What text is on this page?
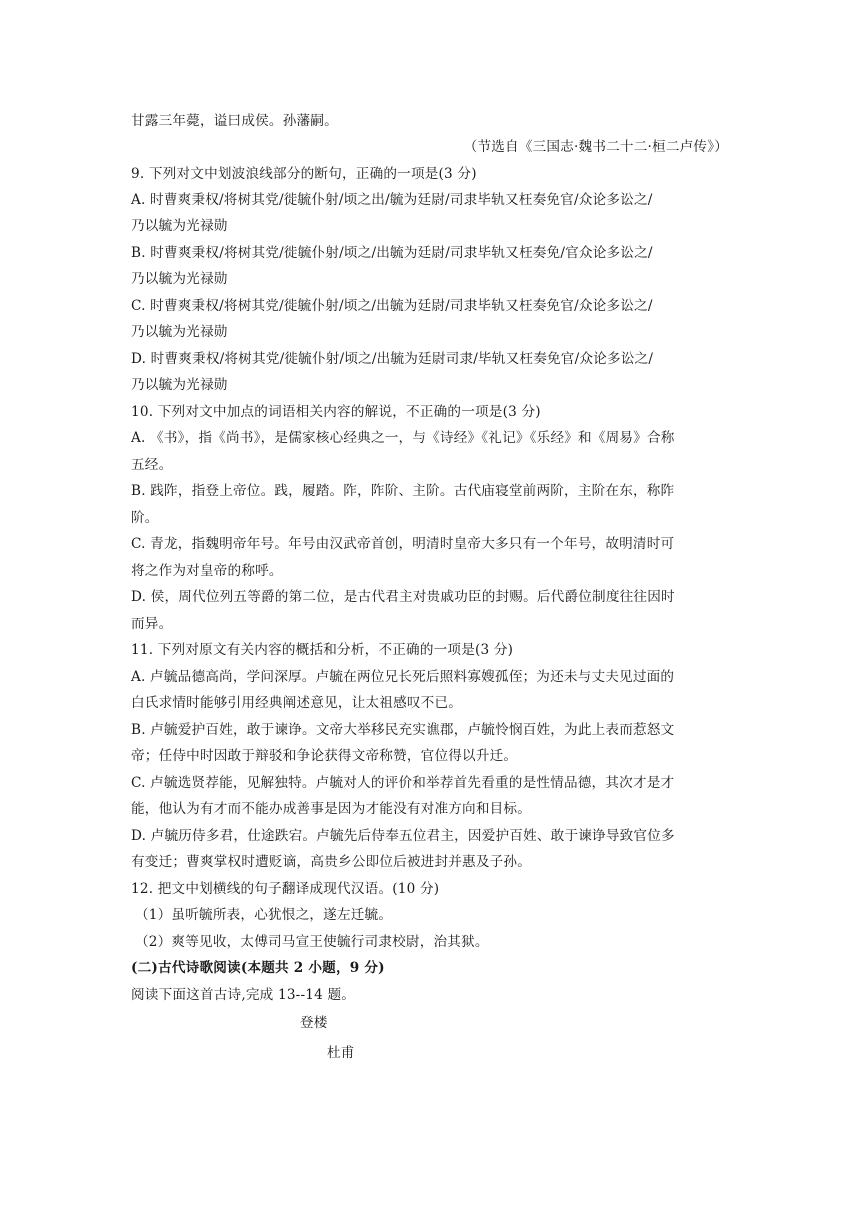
甘露三年薨，谥曰成侯。孙藩嗣。
（节选自《三国志·魏书二十二·桓二卢传》）
9. 下列对文中划波浪线部分的断句，正确的一项是(3 分)
A. 时曹爽秉权/将树其党/徙毓仆射/顷之出/毓为廷尉/司隶毕轨又枉奏免官/众论多讼之/
乃以毓为光禄勋
B. 时曹爽秉权/将树其党/徙毓仆射/顷之/出毓为廷尉/司隶毕轨又枉奏免/官众论多讼之/
乃以毓为光禄勋
C. 时曹爽秉权/将树其党/徙毓仆射/顷之/出毓为廷尉/司隶毕轨又枉奏免官/众论多讼之/
乃以毓为光禄勋
D. 时曹爽秉权/将树其党/徙毓仆射/顷之/出毓为廷尉司隶/毕轨又枉奏免官/众论多讼之/
乃以毓为光禄勋
10. 下列对文中加点的词语相关内容的解说，不正确的一项是(3 分)
A. 《书》，指《尚书》，是儒家核心经典之一，与《诗经》《礼记》《乐经》和《周易》合称
五经。
B. 践阼，指登上帝位。践，履踏。阼，阼阶、主阶。古代庙寝堂前两阶，主阶在东，称阼
阶。
C. 青龙，指魏明帝年号。年号由汉武帝首创，明清时皇帝大多只有一个年号，故明清时可
将之作为对皇帝的称呼。
D. 侯，周代位列五等爵的第二位，是古代君主对贵戚功臣的封赐。后代爵位制度往往因时
而异。
11. 下列对原文有关内容的概括和分析，不正确的一项是(3 分)
A. 卢毓品德高尚，学问深厚。卢毓在两位兄长死后照料寡嫂孤侄；为还未与丈夫见过面的
白氏求情时能够引用经典阐述意见，让太祖感叹不已。
B. 卢毓爱护百姓，敢于谏诤。文帝大举移民充实谯郡，卢毓怜悯百姓，为此上表而惹怒文
帝；任侍中时因敢于辩驳和争论获得文帝称赞，官位得以升迁。
C. 卢毓选贤荐能，见解独特。卢毓对人的评价和举荐首先看重的是性情品德，其次才是才
能，他认为有才而不能办成善事是因为才能没有对准方向和目标。
D. 卢毓历侍多君，仕途跌宕。卢毓先后侍奉五位君主，因爱护百姓、敢于谏诤导致官位多
有变迁；曹爽掌权时遭贬谪，高贵乡公即位后被进封并惠及子孙。
12. 把文中划横线的句子翻译成现代汉语。(10 分)
（1）虽听毓所表，心犹恨之，遂左迁毓。
（2）爽等见收，太傅司马宣王使毓行司隶校尉，治其狱。
(二)古代诗歌阅读(本题共 2 小题，9 分)
阅读下面这首古诗,完成 13--14 题。
登楼
杜甫
